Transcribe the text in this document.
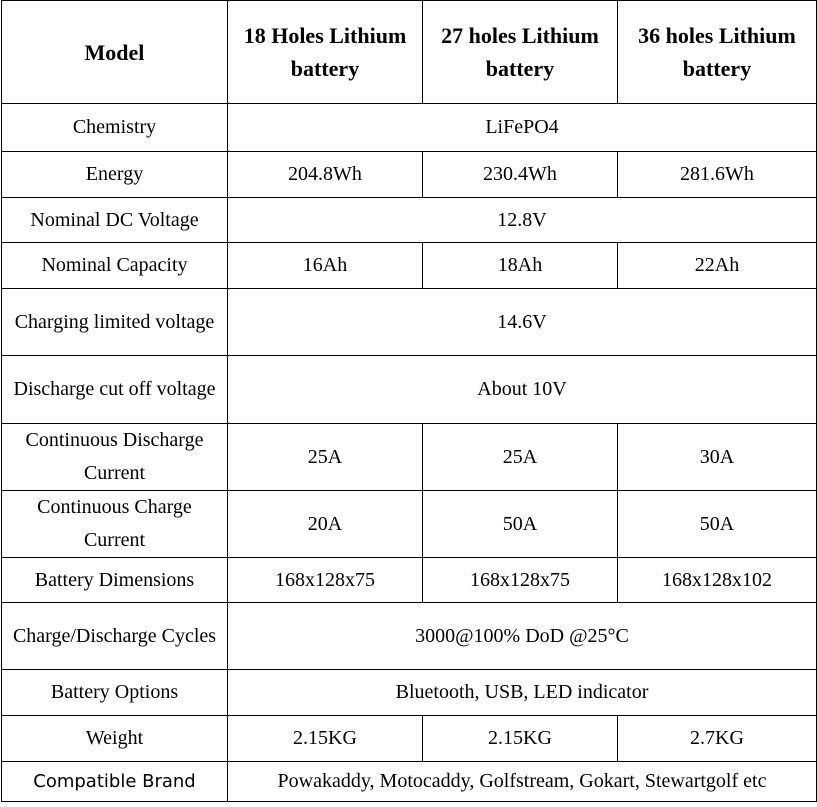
Model	18 Holes Lithium battery	27 holes Lithium battery	36 holes Lithium battery
Chemistry	LiFePO4		
Energy	204.8Wh	230.4Wh	281.6Wh
Nominal DC Voltage	12.8V		
Nominal Capacity	16Ah	18Ah	22Ah
Charging limited voltage	14.6V		
Discharge cut off voltage	About 10V		
Continuous Discharge Current	25A	25A	30A
Continuous Charge Current	20A	50A	50A
Battery Dimensions	168x128x75	168x128x75	168x128x102
Charge/Discharge Cycles	3000@100% DoD @25°C		
Battery Options	Bluetooth, USB, LED indicator		
Weight	2.15KG	2.15KG	2.7KG
Compatible Brand	Powakaddy, Motocaddy, Golfstream, Gokart, Stewartgolf etc		
